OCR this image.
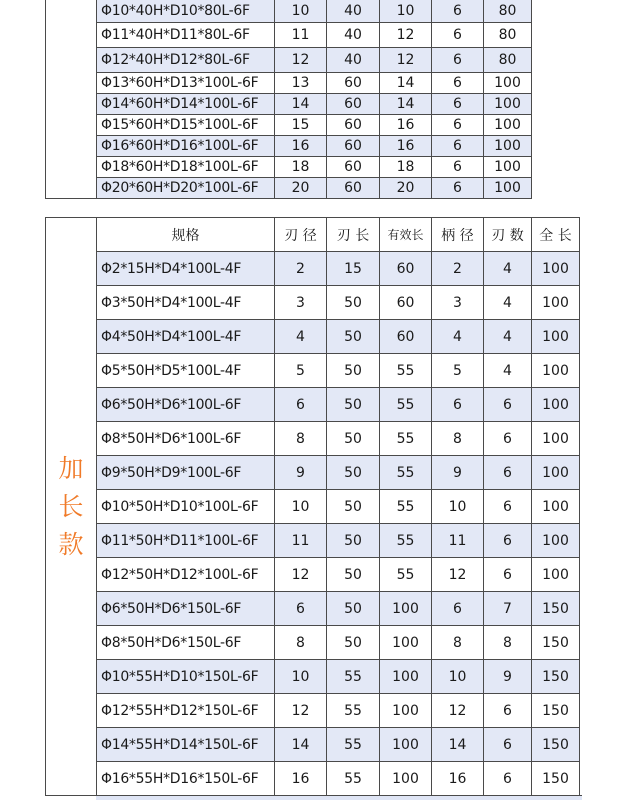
	Φ10*40H*D10*80L-6F	10	40	10	6	80
	Φ11*40H*D11*80L-6F	11	40	12	6	80
	Φ12*40H*D12*80L-6F	12	40	12	6	80
	Φ13*60H*D13*100L-6F	13	60	14	6	100
	Φ14*60H*D14*100L-6F	14	60	14	6	100
	Φ15*60H*D15*100L-6F	15	60	16	6	100
	Φ16*60H*D16*100L-6F	16	60	16	6	100
	Φ18*60H*D18*100L-6F	18	60	18	6	100
	Φ20*60H*D20*100L-6F	20	60	20	6	100
加长款	规格	刃 径	刃 长	有效长	柄 径	刃 数	全 长
	Φ2*15H*D4*100L-4F	2	15	60	2	4	100
	Φ3*50H*D4*100L-4F	3	50	60	3	4	100
	Φ4*50H*D4*100L-4F	4	50	60	4	4	100
	Φ5*50H*D5*100L-4F	5	50	55	5	4	100
	Φ6*50H*D6*100L-6F	6	50	55	6	6	100
	Φ8*50H*D6*100L-6F	8	50	55	8	6	100
	Φ9*50H*D9*100L-6F	9	50	55	9	6	100
	Φ10*50H*D10*100L-6F	10	50	55	10	6	100
	Φ11*50H*D11*100L-6F	11	50	55	11	6	100
	Φ12*50H*D12*100L-6F	12	50	55	12	6	100
	Φ6*50H*D6*150L-6F	6	50	100	6	7	150
	Φ8*50H*D6*150L-6F	8	50	100	8	8	150
	Φ10*55H*D10*150L-6F	10	55	100	10	9	150
	Φ12*55H*D12*150L-6F	12	55	100	12	6	150
	Φ14*55H*D14*150L-6F	14	55	100	14	6	150
	Φ16*55H*D16*150L-6F	16	55	100	16	6	150
